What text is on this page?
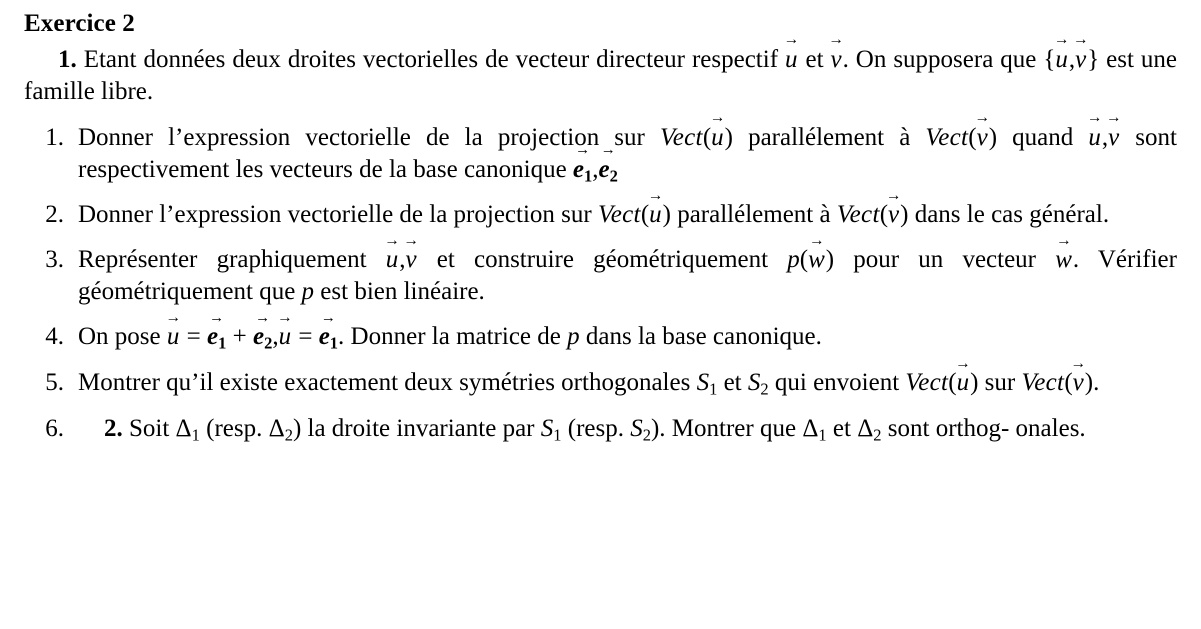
Exercice 2
1. Etant données deux droites vectorielles de vecteur directeur respectif u → et v →. On supposera que {u →,v →} est une famille libre.
1. Donner l’expression vectorielle de la projection sur Vect(u →) parallélement à Vect(v →) quand u →,v → sont respectivement les vecteurs de la base canonique $e_1 \to,e_2$ →
2. Donner l’expression vectorielle de la projection sur Vect(u →) parallélement à Vect(v →) dans le cas général.
3. Représenter graphiquement u →,v → et construire géométriquement p(w →) pour un vecteur w →. Vérifier géométriquement que p est bien linéaire.
4. On pose u → = $e_1$ → + $e_2 \to,u$ → = $e_1$ →. Donner la matrice de p dans la base canonique.
5. Montrer qu’il existe exactement deux symétries orthogonales $S_1$ et $S_2$ qui envoient Vect(u →) sur Vect(v →).
6.	2. Soit $\Delta_1$ (resp. $\Delta_2$) la droite invariante par $S_1$ (resp. $S_2$). Montrer que $\Delta_1$ et $\Delta_2$ sont orthog- onales.
